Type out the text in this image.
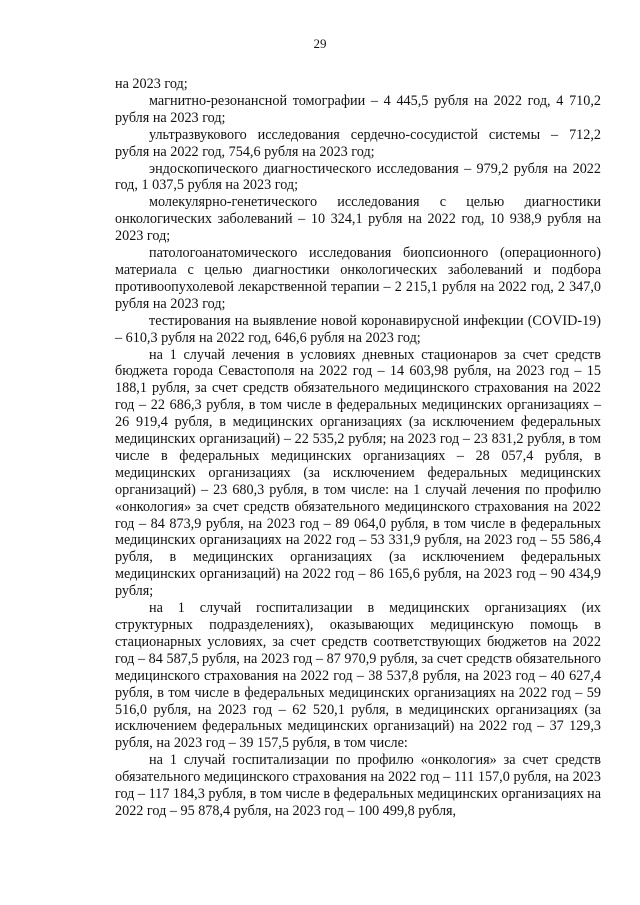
29

на 2023 год;

магнитно-резонансной томографии – 4 445,5 рубля на 2022 год, 4 710,2 рубля на 2023 год;

ультразвукового исследования сердечно-сосудистой системы – 712,2 рубля на 2022 год, 754,6 рубля на 2023 год;

эндоскопического диагностического исследования – 979,2 рубля на 2022 год, 1 037,5 рубля на 2023 год;

молекулярно-генетического исследования с целью диагностики онкологических заболеваний – 10 324,1 рубля на 2022 год, 10 938,9 рубля на 2023 год;

патологоанатомического исследования биопсионного (операционного) материала с целью диагностики онкологических заболеваний и подбора противоопухолевой лекарственной терапии – 2 215,1 рубля на 2022 год, 2 347,0 рубля на 2023 год;

тестирования на выявление новой коронавирусной инфекции (COVID-19) – 610,3 рубля на 2022 год, 646,6 рубля на 2023 год;

на 1 случай лечения в условиях дневных стационаров за счет средств бюджета города Севастополя на 2022 год – 14 603,98 рубля, на 2023 год – 15 188,1 рубля, за счет средств обязательного медицинского страхования на 2022 год – 22 686,3 рубля, в том числе в федеральных медицинских организациях – 26 919,4 рубля, в медицинских организациях (за исключением федеральных медицинских организаций) – 22 535,2 рубля; на 2023 год – 23 831,2 рубля, в том числе в федеральных медицинских организациях – 28 057,4 рубля, в медицинских организациях (за исключением федеральных медицинских организаций) – 23 680,3 рубля, в том числе: на 1 случай лечения по профилю «онкология» за счет средств обязательного медицинского страхования на 2022 год – 84 873,9 рубля, на 2023 год – 89 064,0 рубля, в том числе в федеральных медицинских организациях на 2022 год – 53 331,9 рубля, на 2023 год – 55 586,4 рубля, в медицинских организациях (за исключением федеральных медицинских организаций) на 2022 год – 86 165,6 рубля, на 2023 год – 90 434,9 рубля;

на 1 случай госпитализации в медицинских организациях (их структурных подразделениях), оказывающих медицинскую помощь в стационарных условиях, за счет средств соответствующих бюджетов на 2022 год – 84 587,5 рубля, на 2023 год – 87 970,9 рубля, за счет средств обязательного медицинского страхования на 2022 год – 38 537,8 рубля, на 2023 год – 40 627,4 рубля, в том числе в федеральных медицинских организациях на 2022 год – 59 516,0 рубля, на 2023 год – 62 520,1 рубля, в медицинских организациях (за исключением федеральных медицинских организаций) на 2022 год – 37 129,3 рубля, на 2023 год – 39 157,5 рубля, в том числе:

на 1 случай госпитализации по профилю «онкология» за счет средств обязательного медицинского страхования на 2022 год – 111 157,0 рубля, на 2023 год – 117 184,3 рубля, в том числе в федеральных медицинских организациях на 2022 год – 95 878,4 рубля, на 2023 год – 100 499,8 рубля,
